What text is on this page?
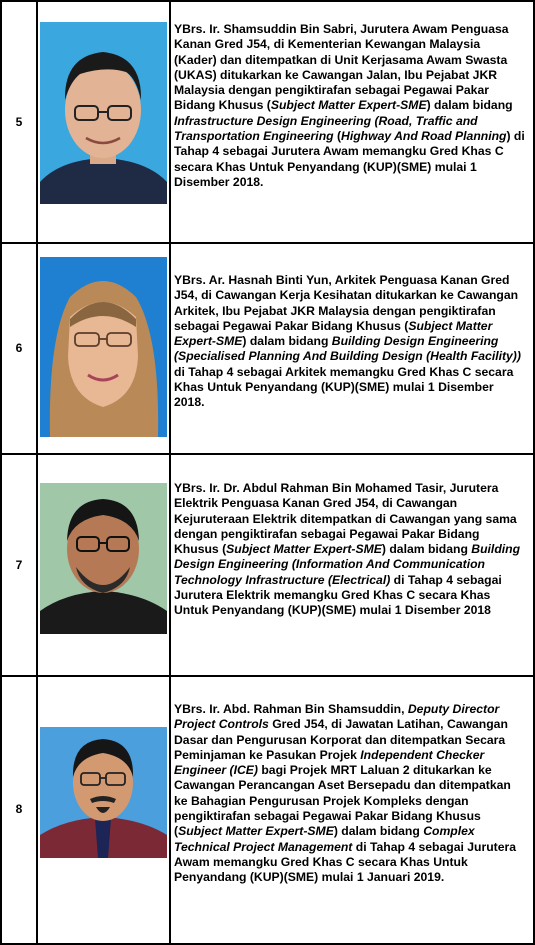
5
YBrs. Ir. Shamsuddin Bin Sabri, Jurutera Awam Penguasa Kanan Gred J54, di Kementerian Kewangan Malaysia (Kader) dan ditempatkan di Unit Kerjasama Awam Swasta (UKAS) ditukarkan ke Cawangan Jalan, Ibu Pejabat JKR Malaysia dengan pengiktirafan sebagai Pegawai Pakar Bidang Khusus (Subject Matter Expert-SME) dalam bidang Infrastructure Design Engineering (Road, Traffic and Transportation Engineering (Highway And Road Planning) di Tahap 4 sebagai Jurutera Awam memangku Gred Khas C secara Khas Untuk Penyandang (KUP)(SME) mulai 1 Disember 2018.
6
YBrs. Ar. Hasnah Binti Yun, Arkitek Penguasa Kanan Gred J54, di Cawangan Kerja Kesihatan ditukarkan ke Cawangan Arkitek, Ibu Pejabat JKR Malaysia dengan pengiktirafan sebagai Pegawai Pakar Bidang Khusus (Subject Matter Expert-SME) dalam bidang Building Design Engineering (Specialised Planning And Building Design (Health Facility)) di Tahap 4 sebagai Arkitek memangku Gred Khas C secara Khas Untuk Penyandang (KUP)(SME) mulai 1 Disember 2018.
7
YBrs. Ir. Dr. Abdul Rahman Bin Mohamed Tasir, Jurutera Elektrik Penguasa Kanan Gred J54, di Cawangan Kejuruteraan Elektrik ditempatkan di Cawangan yang sama dengan pengiktirafan sebagai Pegawai Pakar Bidang Khusus (Subject Matter Expert-SME) dalam bidang Building Design Engineering (Information And Communication Technology Infrastructure (Electrical) di Tahap 4 sebagai Jurutera Elektrik memangku Gred Khas C secara Khas Untuk Penyandang (KUP)(SME) mulai 1 Disember 2018
8
YBrs. Ir. Abd. Rahman Bin Shamsuddin, Deputy Director Project Controls Gred J54, di Jawatan Latihan, Cawangan Dasar dan Pengurusan Korporat dan ditempatkan Secara Peminjaman ke Pasukan Projek Independent Checker Engineer (ICE) bagi Projek MRT Laluan 2 ditukarkan ke Cawangan Perancangan Aset Bersepadu dan ditempatkan ke Bahagian Pengurusan Projek Kompleks dengan pengiktirafan sebagai Pegawai Pakar Bidang Khusus (Subject Matter Expert-SME) dalam bidang Complex Technical Project Management di Tahap 4 sebagai Jurutera Awam memangku Gred Khas C secara Khas Untuk Penyandang (KUP)(SME) mulai 1 Januari 2019.
